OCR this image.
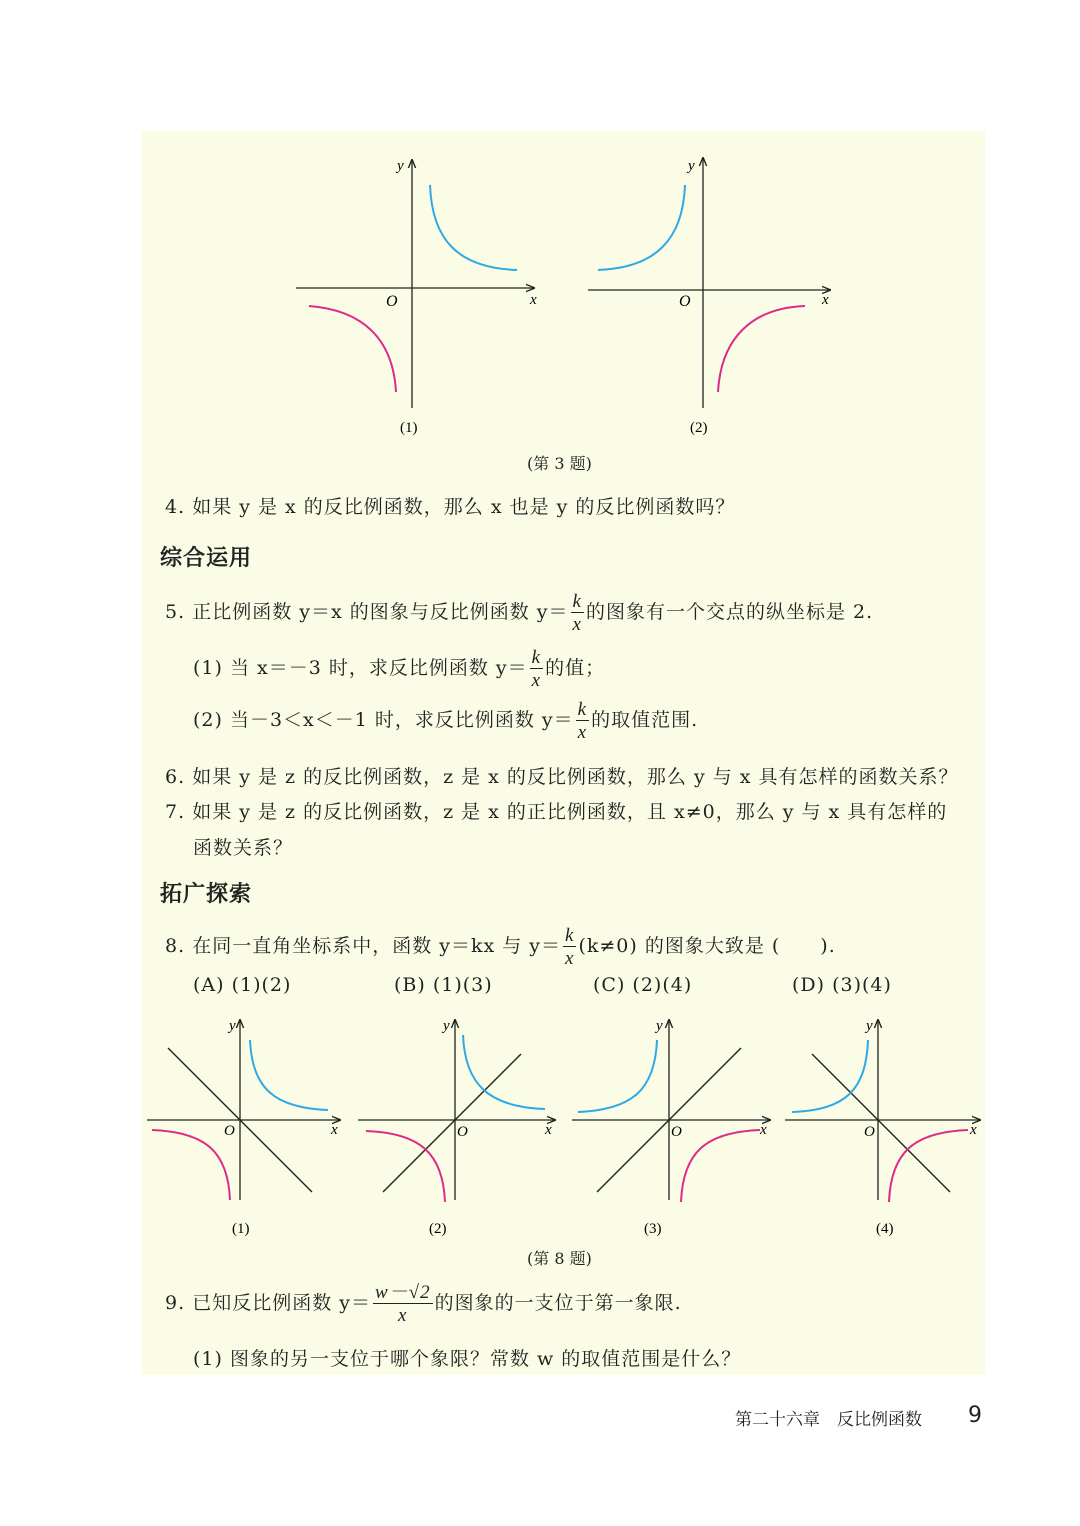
O	x
y
(1)
O	x
y
(2)
(第 3 题)
4. 如果 y 是 x 的反比例函数，那么 x 也是 y 的反比例函数吗？
综合运用
5. 正比例函数 y＝x 的图象与反比例函数 $y= \frac{k}{x}$ 的图象有一个交点的纵坐标是 2.
(1) 当 x＝－3 时，求反比例函数 $y= \frac{k}{x}$ 的值；
(2) 当－3＜x＜－1 时，求反比例函数 $y= \frac{k}{x}$ 的取值范围.
6. 如果 y 是 z 的反比例函数，z 是 x 的反比例函数，那么 y 与 x 具有怎样的函数关系？
7. 如果 y 是 z 的反比例函数，z 是 x 的正比例函数，且 x≠0，那么 y 与 x 具有怎样的
函数关系？
拓广探索
8. 在同一直角坐标系中，函数 y＝kx 与 $y= \frac{k}{x} (k\ne 0)$ 的图象大致是 (　　).
(A) (1)(2)	(B) (1)(3)	(C) (2)(4)	(D) (3)(4)
O	x
y
(1)
O	x
y
(2)
O	x
y
(3)
O	x
y
(4)
(第 8 题)
9. 已知反比例函数 $y= \frac{w-√2}{x}$ 的图象的一支位于第一象限.
(1) 图象的另一支位于哪个象限？常数 w 的取值范围是什么？
第二十六章　反比例函数 9
